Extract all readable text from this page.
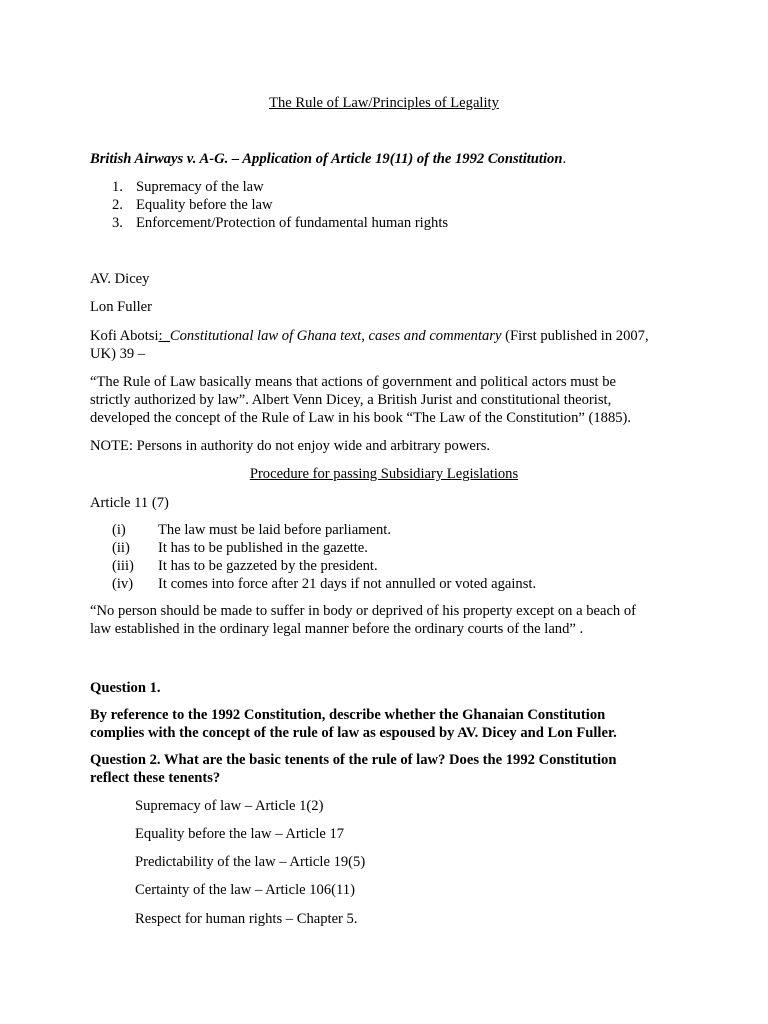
The Rule of Law/Principles of Legality
British Airways v. A-G. – Application of Article 19(11) of the 1992 Constitution.
1. Supremacy of the law
2. Equality before the law
3. Enforcement/Protection of fundamental human rights
AV. Dicey
Lon Fuller
Kofi Abotsi:_Constitutional law of Ghana text, cases and commentary (First published in 2007,
UK) 39 –
“The Rule of Law basically means that actions of government and political actors must be
strictly authorized by law”. Albert Venn Dicey, a British Jurist and constitutional theorist,
developed the concept of the Rule of Law in his book “The Law of the Constitution” (1885).
NOTE: Persons in authority do not enjoy wide and arbitrary powers.
Procedure for passing Subsidiary Legislations
Article 11 (7)
(i) The law must be laid before parliament.
(ii) It has to be published in the gazette.
(iii) It has to be gazzeted by the president.
(iv) It comes into force after 21 days if not annulled or voted against.
“No person should be made to suffer in body or deprived of his property except on a beach of
law established in the ordinary legal manner before the ordinary courts of the land” .
Question 1.
By reference to the 1992 Constitution, describe whether the Ghanaian Constitution
complies with the concept of the rule of law as espoused by AV. Dicey and Lon Fuller.
Question 2. What are the basic tenents of the rule of law? Does the 1992 Constitution
reflect these tenents?
Supremacy of law – Article 1(2)
Equality before the law – Article 17
Predictability of the law – Article 19(5)
Certainty of the law – Article 106(11)
Respect for human rights – Chapter 5.
